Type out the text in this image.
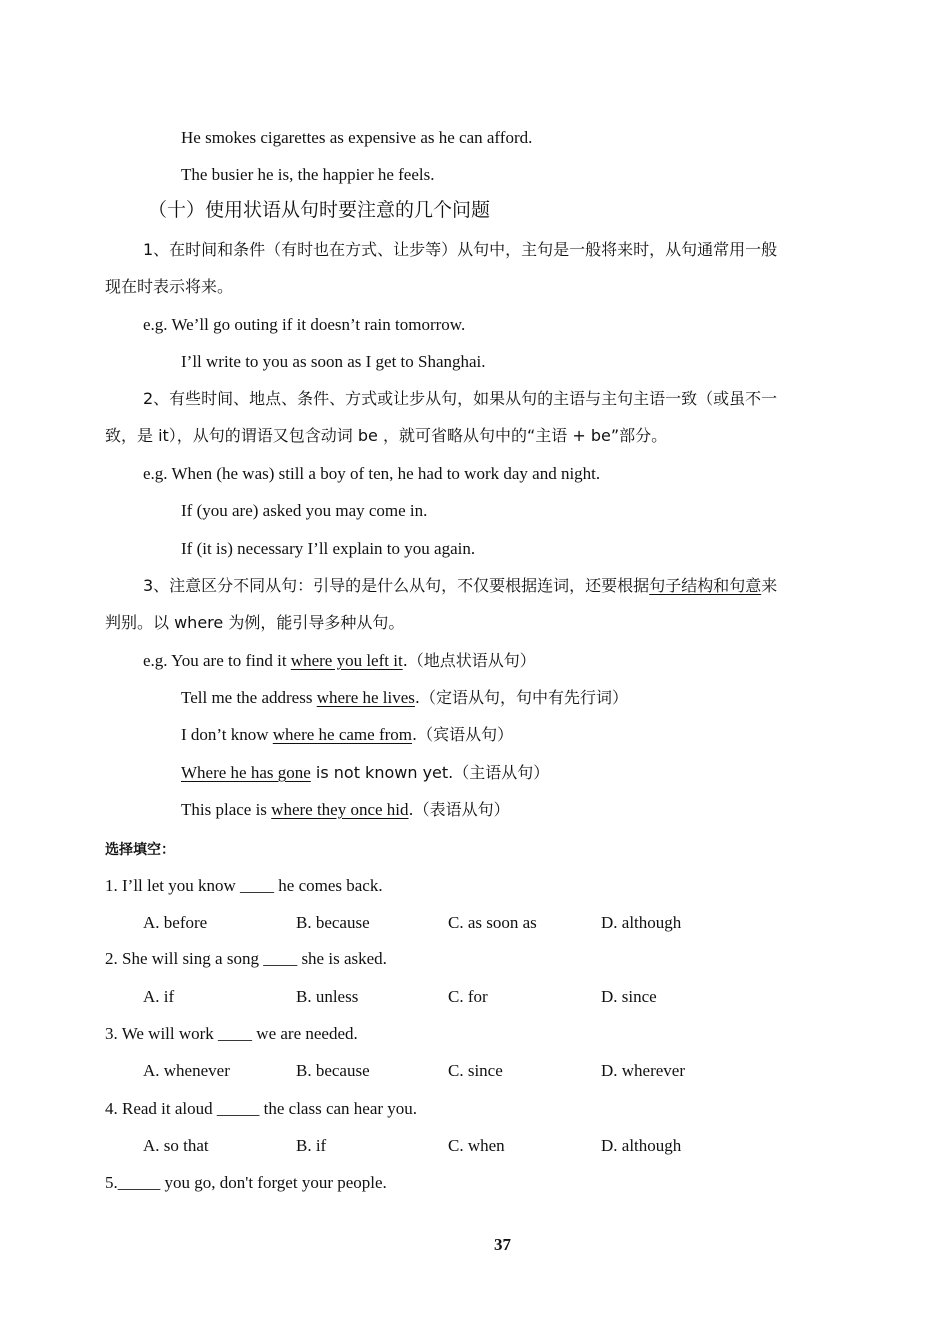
He smokes cigarettes as expensive as he can afford.
The busier he is, the happier he feels.
（十）使用状语从句时要注意的几个问题
1、在时间和条件（有时也在方式、让步等）从句中，主句是一般将来时，从句通常用一般
现在时表示将来。
e.g. We’ll go outing if it doesn’t rain tomorrow.
I’ll write to you as soon as I get to Shanghai.
2、有些时间、地点、条件、方式或让步从句，如果从句的主语与主句主语一致（或虽不一
致，是 it），从句的谓语又包含动词 be ，就可省略从句中的“主语 + be”部分。
e.g. When (he was) still a boy of ten, he had to work day and night.
If (you are) asked you may come in.
If (it is) necessary I’ll explain to you again.
3、注意区分不同从句：引导的是什么从句，不仅要根据连词，还要根据句子结构和句意来
判别。以 where 为例，能引导多种从句。
e.g. You are to find it where you left it.（地点状语从句）
Tell me the address where he lives.（定语从句，句中有先行词）
I don’t know where he came from.（宾语从句）
Where he has gone is not known yet.（主语从句）
This place is where they once hid.（表语从句）
选择填空：
1. I’ll let you know ____ he comes back.
A. before	B. because	C. as soon as	D. although
2. She will sing a song ____ she is asked.
A. if	B. unless	C. for	D. since
3. We will work ____ we are needed.
A. whenever	B. because	C. since	D. wherever
4. Read it aloud _____ the class can hear you.
A. so that	B. if	C. when	D. although
5._____ you go, don't forget your people.
37
